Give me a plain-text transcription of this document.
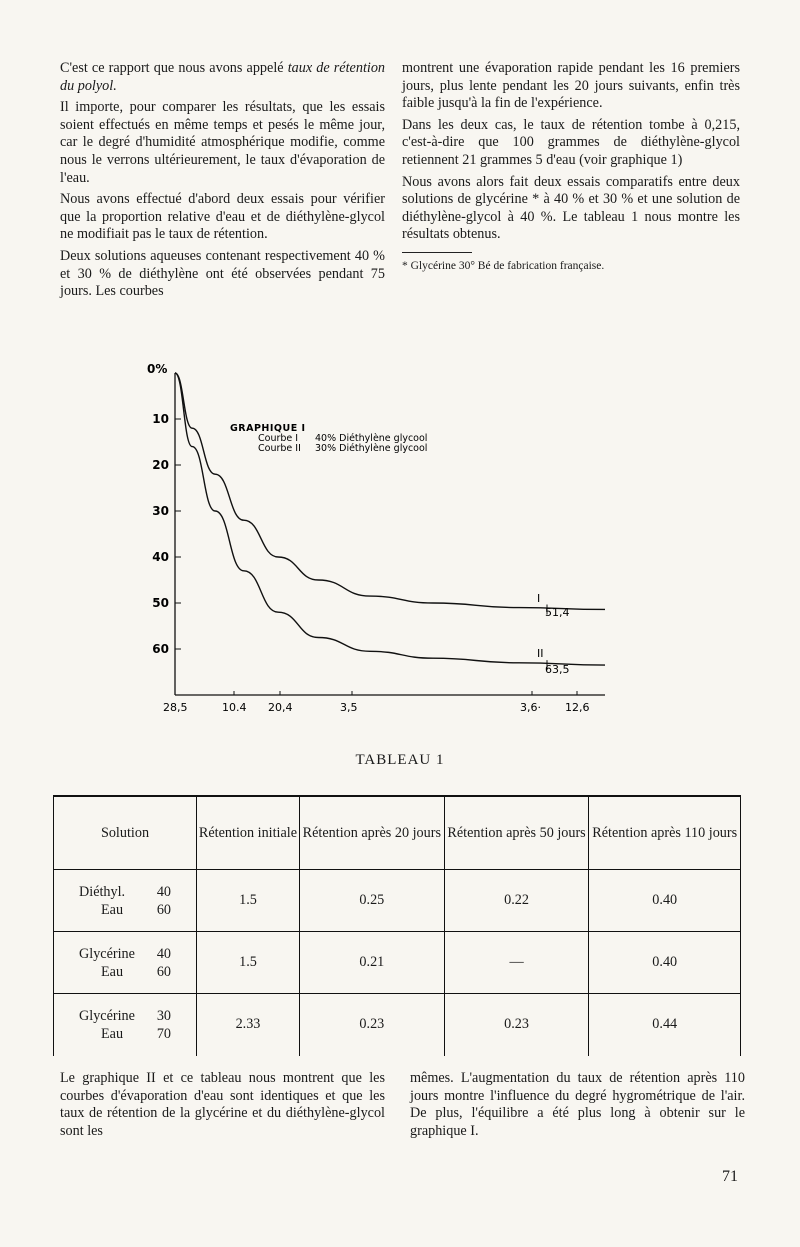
C'est ce rapport que nous avons appelé taux de rétention du polyol.

Il importe, pour comparer les résultats, que les essais soient effectués en même temps et pesés le même jour, car le degré d'humidité atmosphérique modifie, comme nous le verrons ultérieurement, le taux d'évaporation de l'eau.

Nous avons effectué d'abord deux essais pour vérifier que la proportion relative d'eau et de diéthylène-glycol ne modifiait pas le taux de rétention.

Deux solutions aqueuses contenant respectivement 40 % et 30 % de diéthylène ont été observées pendant 75 jours. Les courbes

montrent une évaporation rapide pendant les 16 premiers jours, plus lente pendant les 20 jours suivants, enfin très faible jusqu'à la fin de l'expérience.

Dans les deux cas, le taux de rétention tombe à 0,215, c'est-à-dire que 100 grammes de diéthylène-glycol retiennent 21 grammes 5 d'eau (voir graphique 1)

Nous avons alors fait deux essais comparatifs entre deux solutions de glycérine * à 40 % et 30 % et une solution de diéthylène-glycol à 40 %. Le tableau 1 nous montre les résultats obtenus.

* Glycérine 30° Bé de fabrication française.

0%
10
20
30
40
50
60
28,5	10.4 20,4	3,5	3,6· 12,6
GRAPHIQUE I
Courbe I 40% Diéthylène glycool
Courbe II 30% Diéthylène glycool
I
51,4
II
63,5
TABLEAU 1
Solution	Rétention initiale	Rétention après 20 jours	Rétention après 50 jours	Rétention après 110 jours

Diéthyl. 40
Eau 60	1.5	0.25	0.22	0.40

Glycérine 40
Eau 60	1.5	0.21	—	0.40

Glycérine 30
Eau 70	2.33	0.23	0.23	0.44

Le graphique II et ce tableau nous montrent que les courbes d'évaporation d'eau sont identiques et que les taux de rétention de la glycérine et du diéthylène-glycol sont les

mêmes. L'augmentation du taux de rétention après 110 jours montre l'influence du degré hygrométrique de l'air. De plus, l'équilibre a été plus long à obtenir sur le graphique I.

71
